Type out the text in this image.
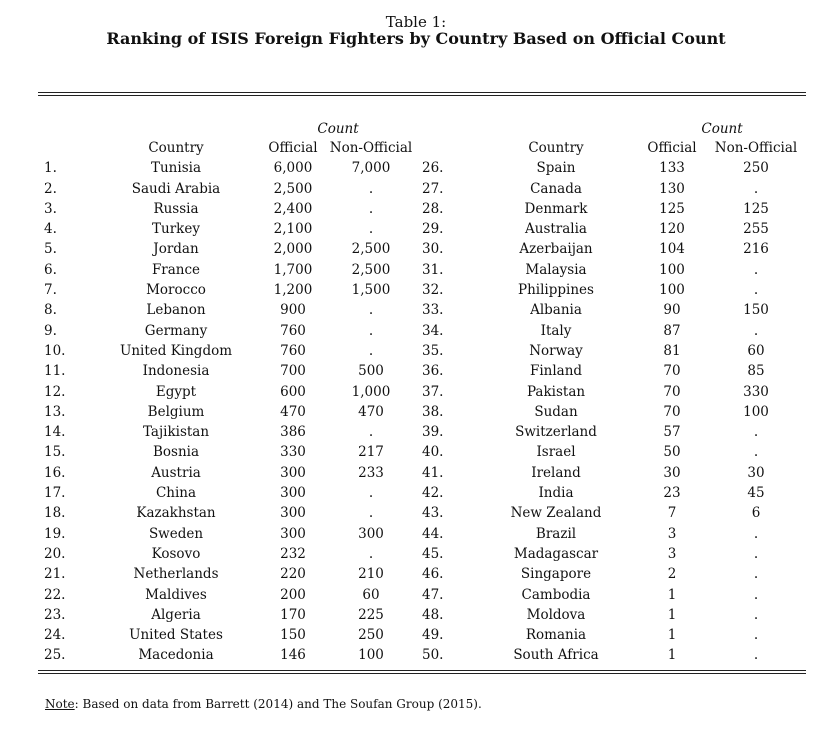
Table 1:
Ranking of ISIS Foreign Fighters by Country Based on Official Count
		Count				Count	
	Country	Official	Non-Official		Country	Official	Non-Official
1.	Tunisia	6,000	7,000	26.	Spain	133	250
2.	Saudi Arabia	2,500	.	27.	Canada	130	.
3.	Russia	2,400	.	28.	Denmark	125	125
4.	Turkey	2,100	.	29.	Australia	120	255
5.	Jordan	2,000	2,500	30.	Azerbaijan	104	216
6.	France	1,700	2,500	31.	Malaysia	100	.
7.	Morocco	1,200	1,500	32.	Philippines	100	.
8.	Lebanon	900	.	33.	Albania	90	150
9.	Germany	760	.	34.	Italy	87	.
10.	United Kingdom	760	.	35.	Norway	81	60
11.	Indonesia	700	500	36.	Finland	70	85
12.	Egypt	600	1,000	37.	Pakistan	70	330
13.	Belgium	470	470	38.	Sudan	70	100
14.	Tajikistan	386	.	39.	Switzerland	57	.
15.	Bosnia	330	217	40.	Israel	50	.
16.	Austria	300	233	41.	Ireland	30	30
17.	China	300	.	42.	India	23	45
18.	Kazakhstan	300	.	43.	New Zealand	7	6
19.	Sweden	300	300	44.	Brazil	3	.
20.	Kosovo	232	.	45.	Madagascar	3	.
21.	Netherlands	220	210	46.	Singapore	2	.
22.	Maldives	200	60	47.	Cambodia	1	.
23.	Algeria	170	225	48.	Moldova	1	.
24.	United States	150	250	49.	Romania	1	.
25.	Macedonia	146	100	50.	South Africa	1	.
Note: Based on data from Barrett (2014) and The Soufan Group (2015).
